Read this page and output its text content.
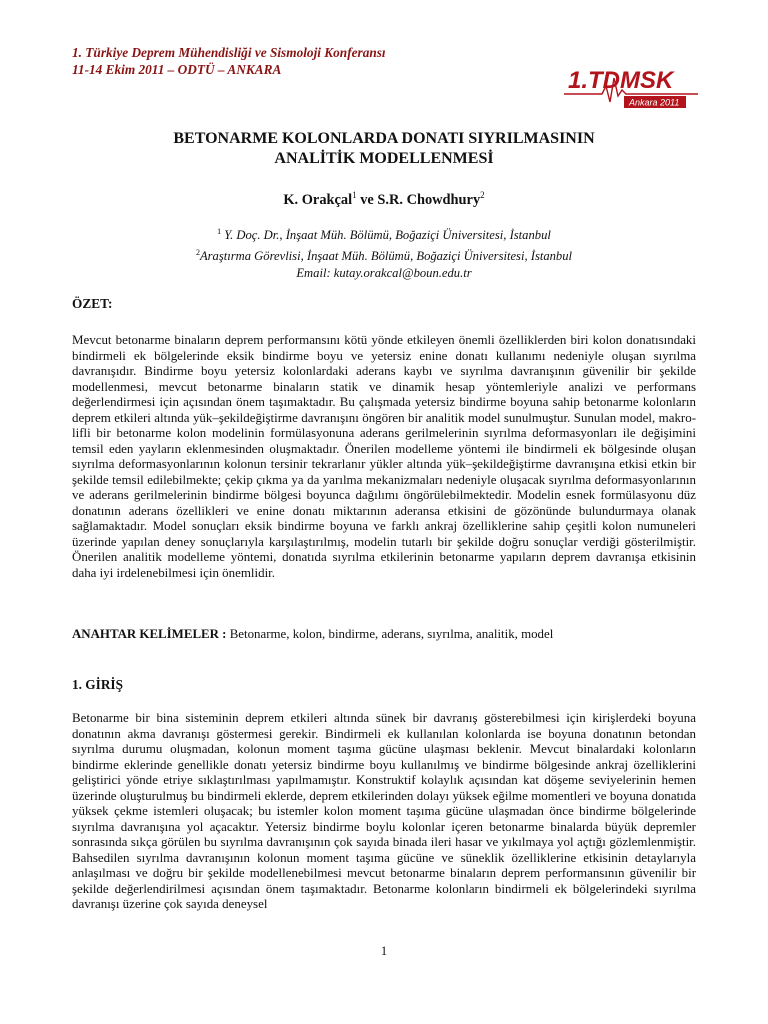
1. Türkiye Deprem Mühendisliği ve Sismoloji Konferansı
11-14 Ekim 2011 – ODTÜ – ANKARA	1.TDMSK
Ankara 2011
BETONARME KOLONLARDA DONATI SIYRILMASININ
ANALİTİK MODELLENMESİ
K. Orakçal$^1$ ve S.R. Chowdhury$^2$
$^1$ Y. Doç. Dr., İnşaat Müh. Bölümü, Boğaziçi Üniversitesi, İstanbul
$^2$Araştırma Görevlisi, İnşaat Müh. Bölümü, Boğaziçi Üniversitesi, İstanbul
Email: kutay.orakcal@boun.edu.tr
ÖZET:
Mevcut betonarme binaların deprem performansını kötü yönde etkileyen önemli özelliklerden biri kolon donatısındaki bindirmeli ek bölgelerinde eksik bindirme boyu ve yetersiz enine donatı kullanımı nedeniyle oluşan sıyrılma davranışıdır. Bindirme boyu yetersiz kolonlardaki aderans kaybı ve sıyrılma davranışının güvenilir bir şekilde modellenmesi, mevcut betonarme binaların statik ve dinamik hesap yöntemleriyle analizi ve performans değerlendirmesi için açısından önem taşımaktadır. Bu çalışmada yetersiz bindirme boyuna sahip betonarme kolonların deprem etkileri altında yük–şekildeğiştirme davranışını öngören bir analitik model sunulmuştur. Sunulan model, makro-lifli bir betonarme kolon modelinin formülasyonuna aderans gerilmelerinin sıyrılma deformasyonları ile değişimini temsil eden yayların eklenmesinden oluşmaktadır. Önerilen modelleme yöntemi ile bindirmeli ek bölgesinde oluşan sıyrılma deformasyonlarının kolonun tersinir tekrarlanır yükler altında yük–şekildeğiştirme davranışına etkisi etkin bir şekilde temsil edilebilmekte; çekip çıkma ya da yarılma mekanizmaları nedeniyle oluşacak sıyrılma deformasyonlarının ve aderans gerilmelerinin bindirme bölgesi boyunca dağılımı öngörülebilmektedir. Modelin esnek formülasyonu düz donatının aderans özellikleri ve enine donatı miktarının aderansa etkisini de gözönünde bulundurmaya olanak sağlamaktadır. Model sonuçları eksik bindirme boyuna ve farklı ankraj özelliklerine sahip çeşitli kolon numuneleri üzerinde yapılan deney sonuçlarıyla karşılaştırılmış, modelin tutarlı bir şekilde doğru sonuçlar verdiği gösterilmiştir. Önerilen analitik modelleme yöntemi, donatıda sıyrılma etkilerinin betonarme yapıların deprem davranışa etkisinin daha iyi irdelenebilmesi için önemlidir.
ANAHTAR KELİMELER : Betonarme, kolon, bindirme, aderans, sıyrılma, analitik, model
1. GİRİŞ
Betonarme bir bina sisteminin deprem etkileri altında sünek bir davranış gösterebilmesi için kirişlerdeki boyuna donatının akma davranışı göstermesi gerekir. Bindirmeli ek kullanılan kolonlarda ise boyuna donatının betondan sıyrılma durumu oluşmadan, kolonun moment taşıma gücüne ulaşması beklenir. Mevcut binalardaki kolonların bindirme eklerinde genellikle donatı yetersiz bindirme boyu kullanılmış ve bindirme bölgesinde ankraj özelliklerini geliştirici yönde etriye sıklaştırılması yapılmamıştır. Konstruktif kolaylık açısından kat döşeme seviyelerinin hemen üzerinde oluşturulmuş bu bindirmeli eklerde, deprem etkilerinden dolayı yüksek eğilme momentleri ve boyuna donatıda yüksek çekme istemleri oluşacak; bu istemler kolon moment taşıma gücüne ulaşmadan önce bindirme bölgelerinde sıyrılma davranışına yol açacaktır. Yetersiz bindirme boylu kolonlar içeren betonarme binalarda büyük depremler sonrasında sıkça görülen bu sıyrılma davranışının çok sayıda binada ileri hasar ve yıkılmaya yol açtığı gözlemlenmiştir. Bahsedilen sıyrılma davranışının kolonun moment taşıma gücüne ve süneklik özelliklerine etkisinin detaylarıyla anlaşılması ve doğru bir şekilde modellenebilmesi mevcut betonarme binaların deprem performansının güvenilir bir şekilde değerlendirilmesi açısından önem taşımaktadır. Betonarme kolonların bindirmeli ek bölgelerindeki sıyrılma davranışı üzerine çok sayıda deneysel
1
